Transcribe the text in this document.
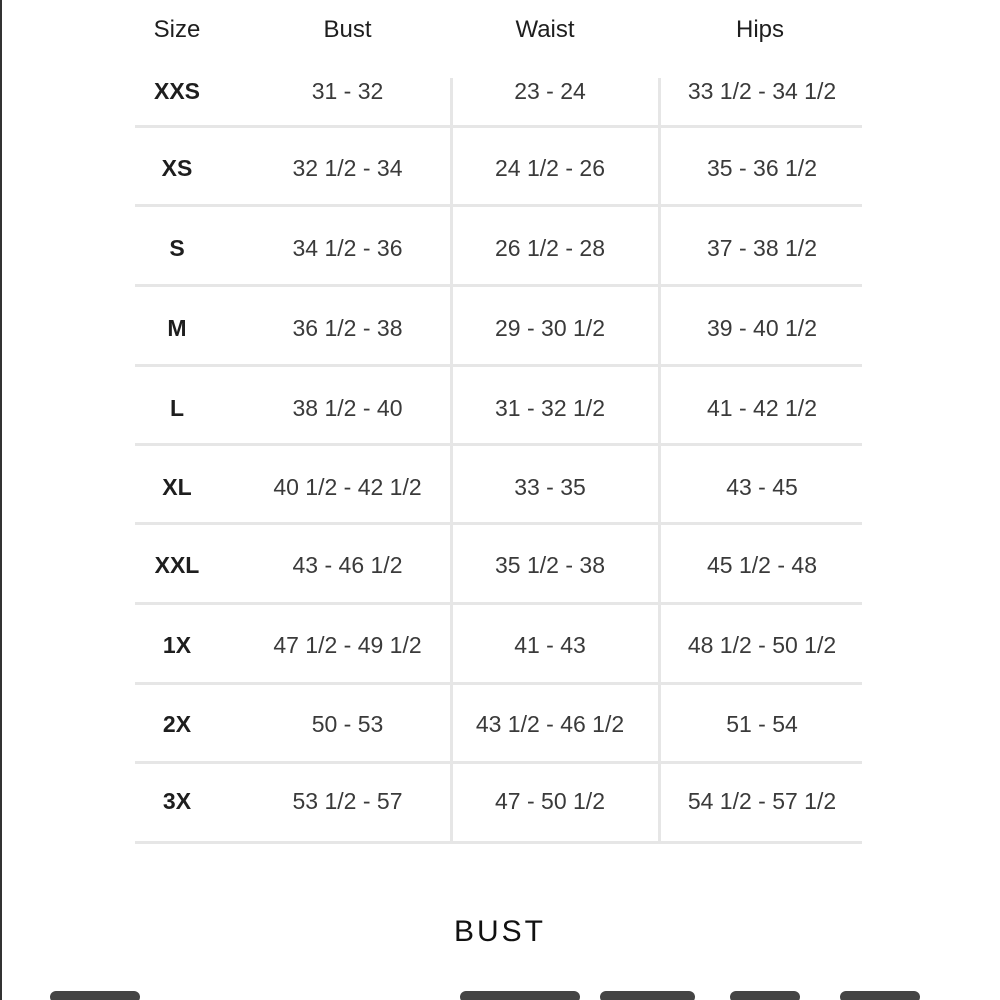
Size	Bust	Waist	Hips
XXS	31 - 32	23 - 24	33 1/2 - 34 1/2
XS	32 1/2 - 34	24 1/2 - 26	35 - 36 1/2
S	34 1/2 - 36	26 1/2 - 28	37 - 38 1/2
M	36 1/2 - 38	29 - 30 1/2	39 - 40 1/2
L	38 1/2 - 40	31 - 32 1/2	41 - 42 1/2
XL	40 1/2 - 42 1/2	33 - 35	43 - 45
XXL	43 - 46 1/2	35 1/2 - 38	45 1/2 - 48
1X	47 1/2 - 49 1/2	41 - 43	48 1/2 - 50 1/2
2X	50 - 53	43 1/2 - 46 1/2	51 - 54
3X	53 1/2 - 57	47 - 50 1/2	54 1/2 - 57 1/2
BUST
